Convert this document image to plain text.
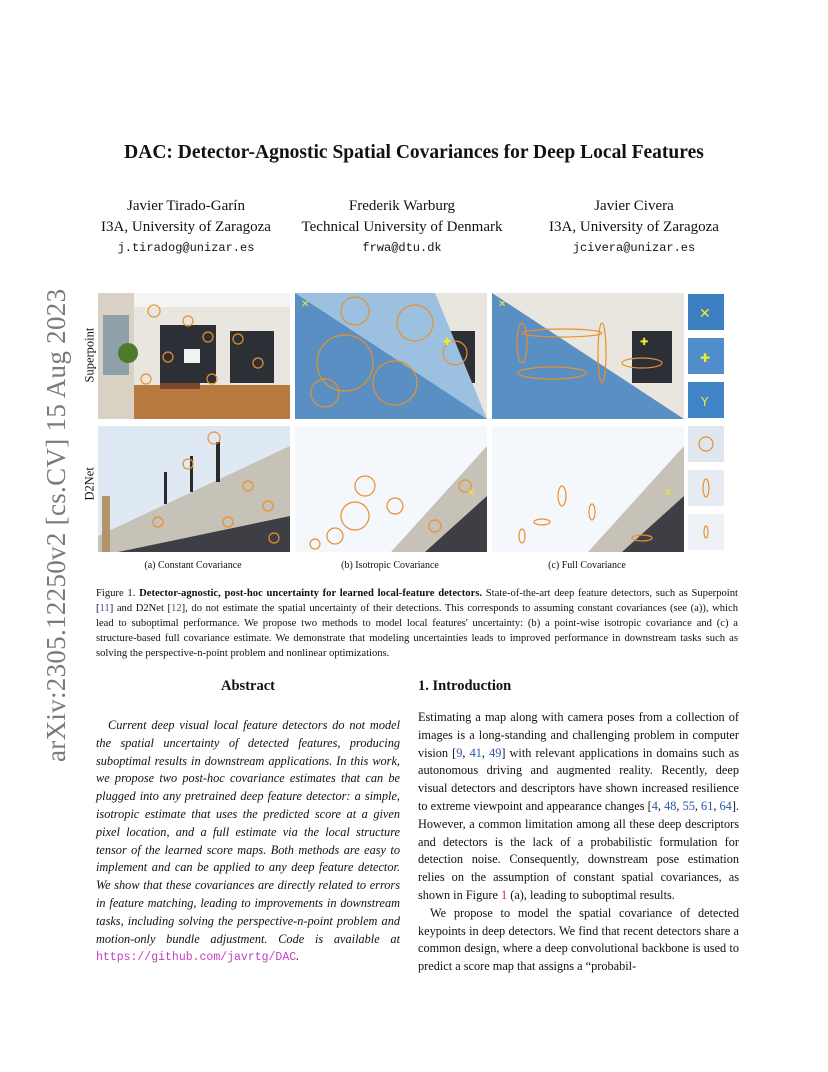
arXiv:2305.12250v2 [cs.CV] 15 Aug 2023
DAC: Detector-Agnostic Spatial Covariances for Deep Local Features
Javier Tirado-Garín
I3A, University of Zaragoza
j.tiradog@unizar.es
Frederik Warburg
Technical University of Denmark
frwa@dtu.dk
Javier Civera
I3A, University of Zaragoza
jcivera@unizar.es
Superpoint
D2Net
✕
✚
✕
✚
✕	✕
✕
✚
Y
(a) Constant Covariance	(b) Isotropic Covariance	(c) Full Covariance
Figure 1. Detector-agnostic, post-hoc uncertainty for learned local-feature detectors. State-of-the-art deep feature detectors, such as Superpoint [11] and D2Net [12], do not estimate the spatial uncertainty of their detections. This corresponds to assuming constant covariances (see (a)), which lead to suboptimal performance. We propose two methods to model local features' uncertainty: (b) a point-wise isotropic covariance and (c) a structure-based full covariance estimate. We demonstrate that modeling uncertainties leads to improved performance in downstream tasks such as solving the perspective-n-point problem and nonlinear optimizations.
Abstract
Current deep visual local feature detectors do not model the spatial uncertainty of detected features, producing suboptimal results in downstream applications. In this work, we propose two post-hoc covariance estimates that can be plugged into any pretrained deep feature detector: a simple, isotropic estimate that uses the predicted score at a given pixel location, and a full estimate via the local structure tensor of the learned score maps. Both methods are easy to implement and can be applied to any deep feature detector. We show that these covariances are directly related to errors in feature matching, leading to improvements in downstream tasks, including solving the perspective-n-point problem and motion-only bundle adjustment. Code is available at https://github.com/javrtg/DAC.
1. Introduction

Estimating a map along with camera poses from a collection of images is a long-standing and challenging problem in computer vision [9, 41, 49] with relevant applications in domains such as autonomous driving and augmented reality. Recently, deep visual detectors and descriptors have shown increased resilience to extreme viewpoint and appearance changes [4, 48, 55, 61, 64]. However, a common limitation among all these deep descriptors and detectors is the lack of a probabilistic formulation for detection noise. Consequently, downstream pose estimation relies on the assumption of constant spatial covariances, as shown in Figure 1 (a), leading to suboptimal results.

We propose to model the spatial covariance of detected keypoints in deep detectors. We find that recent detectors share a common design, where a deep convolutional backbone is used to predict a score map that assigns a “probabil-
